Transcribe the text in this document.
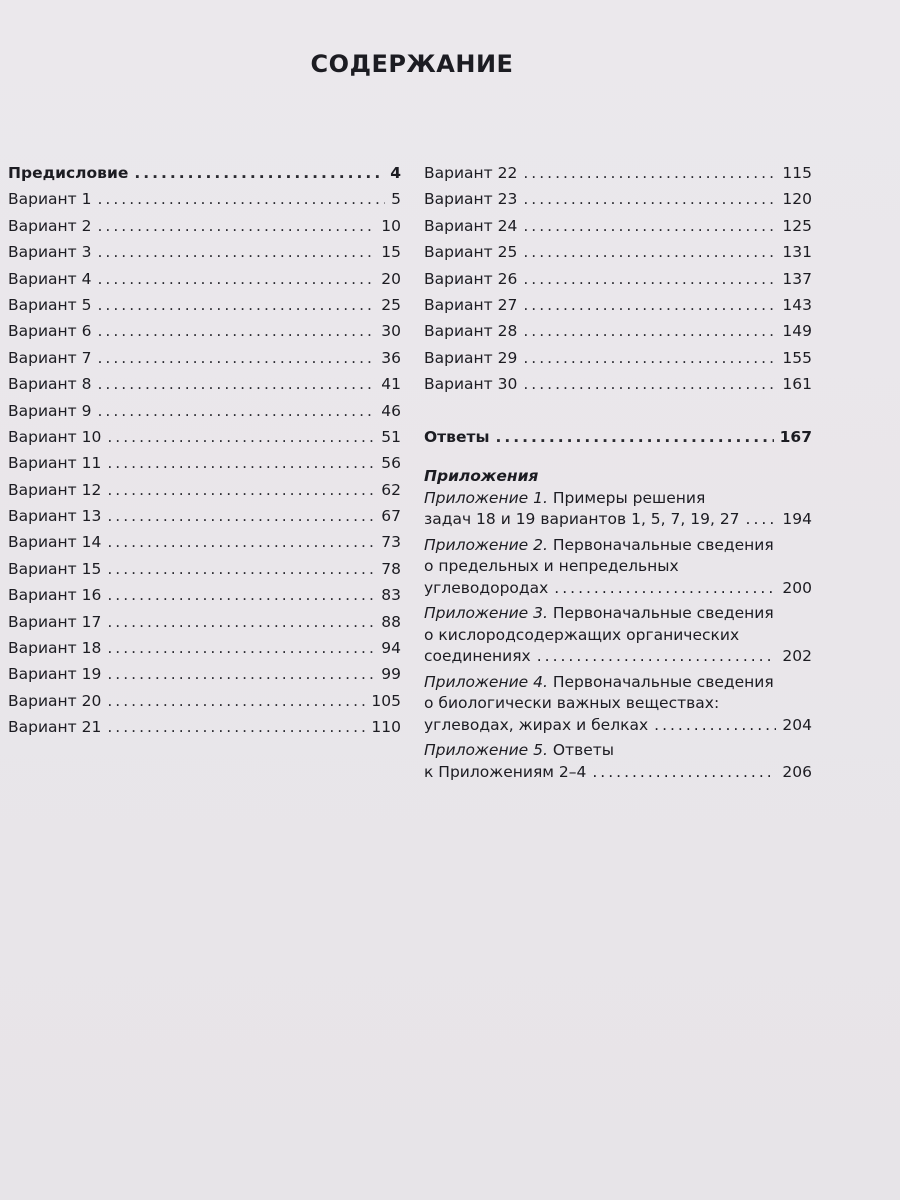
СОДЕРЖАНИЕ
Предисловие .....	4
Вариант 1 .....	5
Вариант 2 .....	10
Вариант 3 .....	15
Вариант 4 .....	20
Вариант 5 .....	25
Вариант 6 .....	30
Вариант 7 .....	36
Вариант 8 .....	41
Вариант 9 .....	46
Вариант 10 .....	51
Вариант 11 .....	56
Вариант 12 .....	62
Вариант 13 .....	67
Вариант 14 .....	73
Вариант 15 .....	78
Вариант 16 .....	83
Вариант 17 .....	88
Вариант 18 .....	94
Вариант 19 .....	99
Вариант 20 .....	105
Вариант 21 .....	110
Вариант 22 .....	115
Вариант 23 .....	120
Вариант 24 .....	125
Вариант 25 .....	131
Вариант 26 .....	137
Вариант 27 .....	143
Вариант 28 .....	149
Вариант 29 .....	155
Вариант 30 .....	161
Ответы .....	167
Приложения
Приложение 1. Примеры решения
задач 18 и 19 вариантов 1, 5, 7, 19, 27 .....	194
Приложение 2. Первоначальные сведения
о предельных и непредельных
углеводородах .....	200
Приложение 3. Первоначальные сведения
о кислородсодержащих органических
соединениях .....	202
Приложение 4. Первоначальные сведения
о биологически важных веществах:
углеводах, жирах и белках .....	204
Приложение 5. Ответы
к Приложениям 2–4 .....	206
